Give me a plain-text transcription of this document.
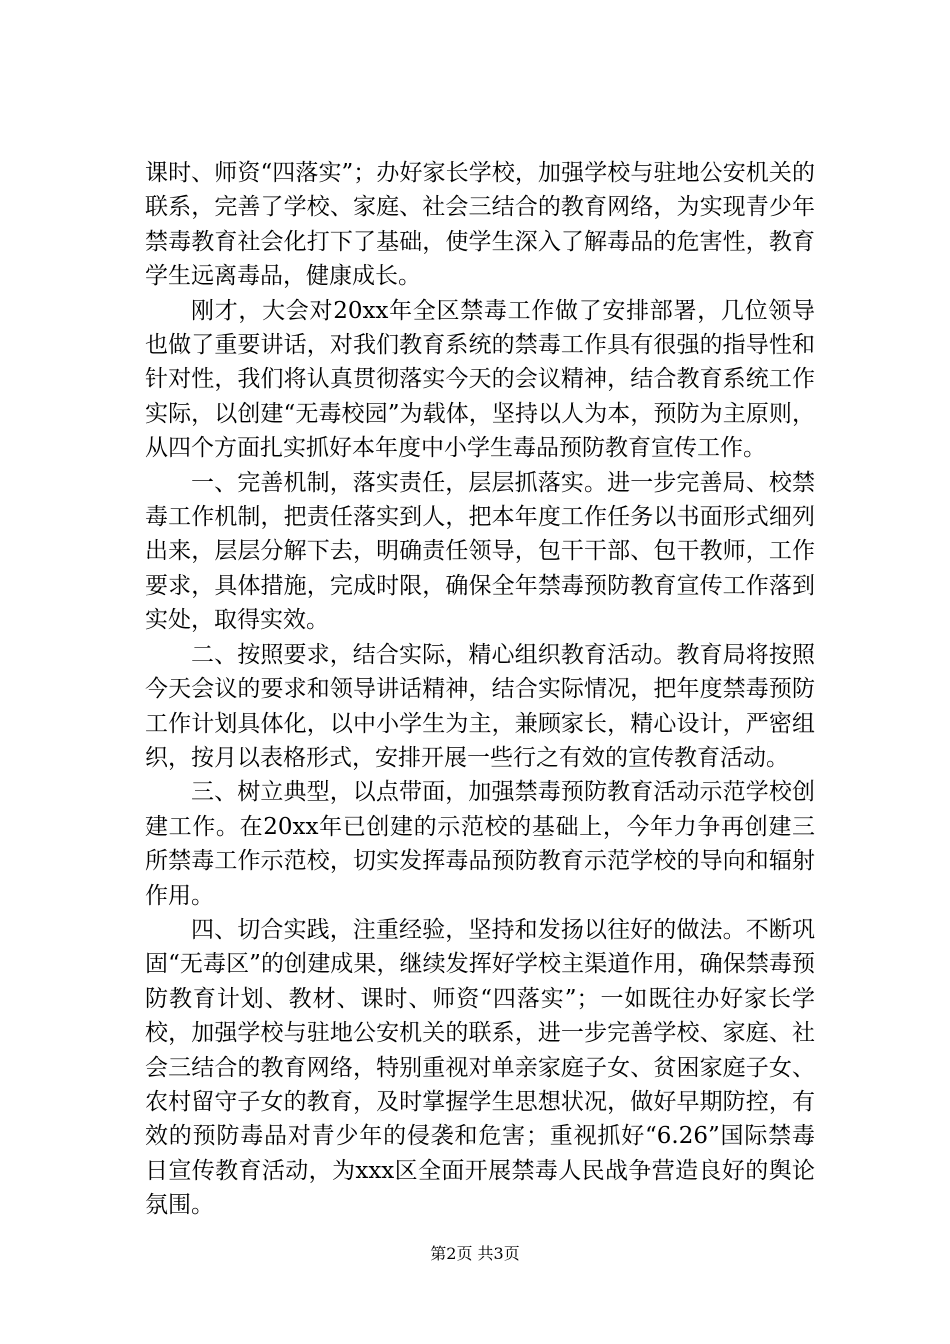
课时、师资“四落实”；办好家长学校，加强学校与驻地公安机关的联系，完善了学校、家庭、社会三结合的教育网络，为实现青少年禁毒教育社会化打下了基础，使学生深入了解毒品的危害性，教育学生远离毒品，健康成长。

刚才，大会对20xx年全区禁毒工作做了安排部署，几位领导也做了重要讲话，对我们教育系统的禁毒工作具有很强的指导性和针对性，我们将认真贯彻落实今天的会议精神，结合教育系统工作实际，以创建“无毒校园”为载体，坚持以人为本，预防为主原则，从四个方面扎实抓好本年度中小学生毒品预防教育宣传工作。

一、完善机制，落实责任，层层抓落实。进一步完善局、校禁毒工作机制，把责任落实到人，把本年度工作任务以书面形式细列出来，层层分解下去，明确责任领导，包干干部、包干教师，工作要求，具体措施，完成时限，确保全年禁毒预防教育宣传工作落到实处，取得实效。

二、按照要求，结合实际，精心组织教育活动。教育局将按照今天会议的要求和领导讲话精神，结合实际情况，把年度禁毒预防工作计划具体化，以中小学生为主，兼顾家长，精心设计，严密组织，按月以表格形式，安排开展一些行之有效的宣传教育活动。

三、树立典型，以点带面，加强禁毒预防教育活动示范学校创建工作。在20xx年已创建的示范校的基础上，今年力争再创建三所禁毒工作示范校，切实发挥毒品预防教育示范学校的导向和辐射作用。

四、切合实践，注重经验，坚持和发扬以往好的做法。不断巩固“无毒区”的创建成果，继续发挥好学校主渠道作用，确保禁毒预防教育计划、教材、课时、师资“四落实”；一如既往办好家长学校，加强学校与驻地公安机关的联系，进一步完善学校、家庭、社会三结合的教育网络，特别重视对单亲家庭子女、贫困家庭子女、农村留守子女的教育，及时掌握学生思想状况，做好早期防控，有效的预防毒品对青少年的侵袭和危害；重视抓好“6.26”国际禁毒日宣传教育活动，为xxx区全面开展禁毒人民战争营造良好的舆论氛围。

第2页 共3页
